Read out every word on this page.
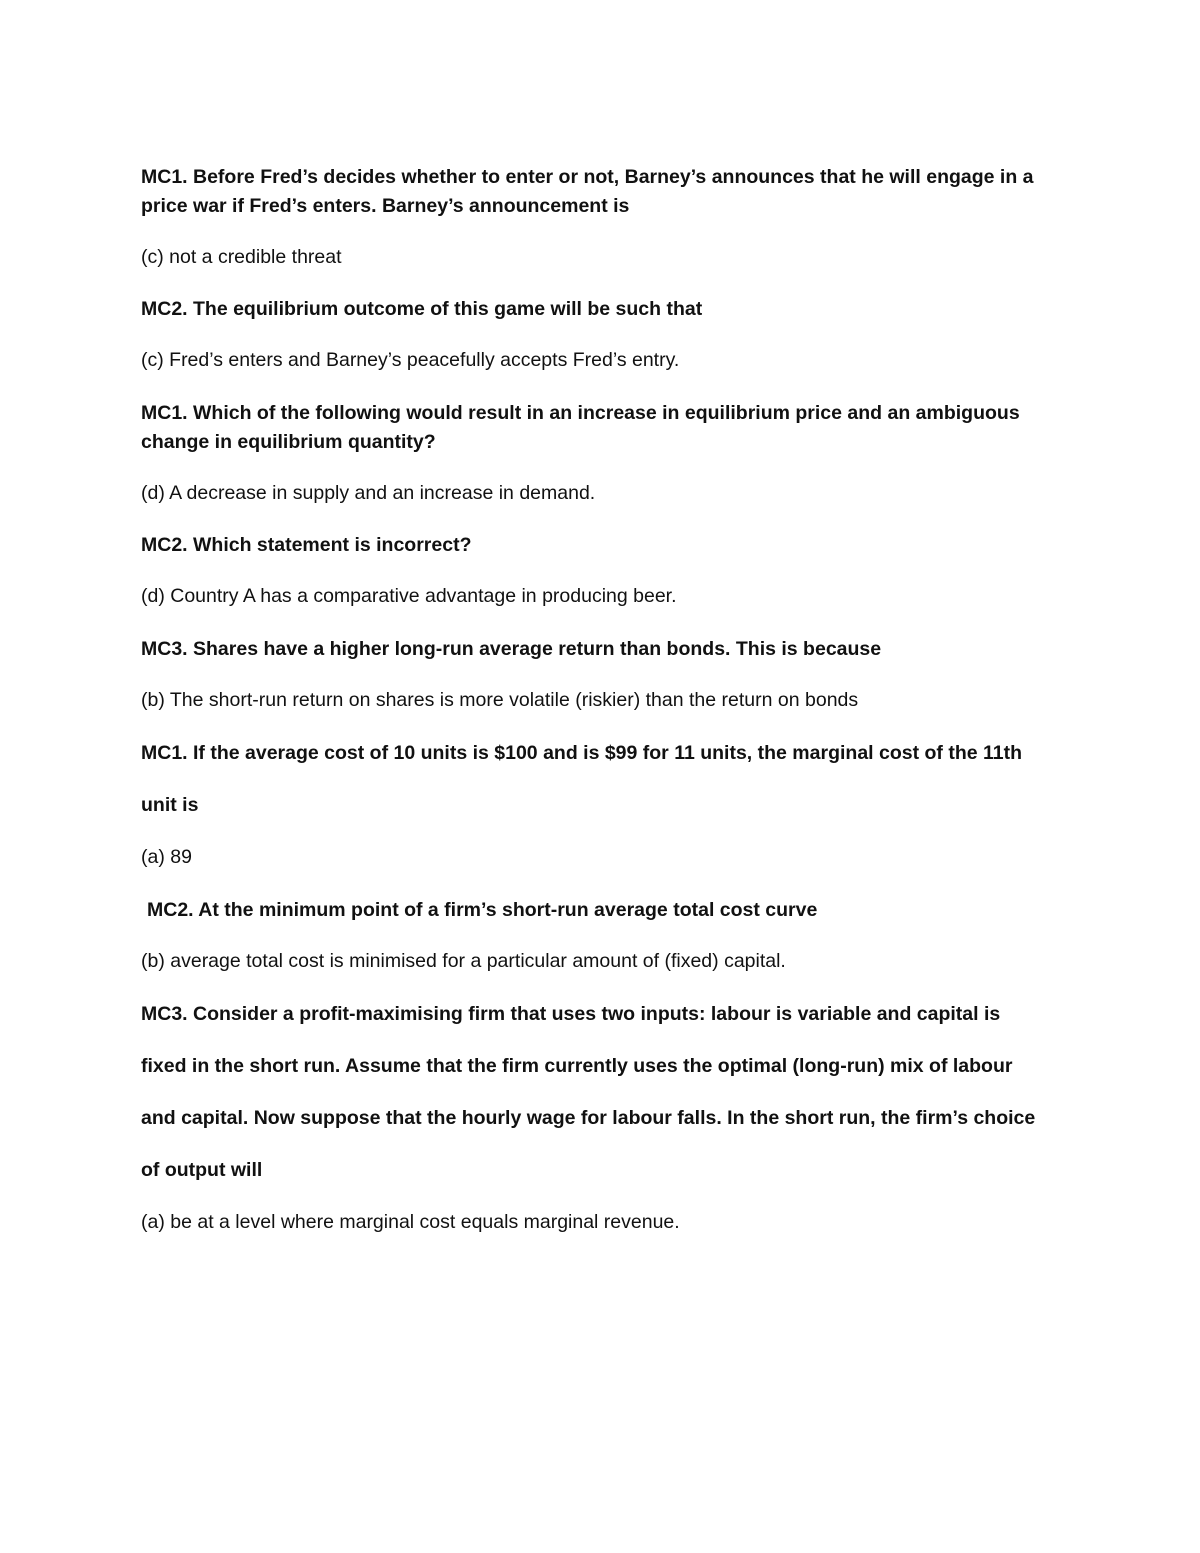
MC1. Before Fred’s decides whether to enter or not, Barney’s announces that he will engage in a price war if Fred’s enters. Barney’s announcement is

(c) not a credible threat

MC2. The equilibrium outcome of this game will be such that

(c) Fred’s enters and Barney’s peacefully accepts Fred’s entry.

MC1. Which of the following would result in an increase in equilibrium price and an ambiguous change in equilibrium quantity?

(d) A decrease in supply and an increase in demand.

MC2. Which statement is incorrect?

(d) Country A has a comparative advantage in producing beer.

MC3. Shares have a higher long-run average return than bonds. This is because

(b) The short-run return on shares is more volatile (riskier) than the return on bonds

MC1. If the average cost of 10 units is $100 and is $99 for 11 units, the marginal cost of the 11th unit is

(a) 89

MC2. At the minimum point of a firm’s short-run average total cost curve

(b) average total cost is minimised for a particular amount of (fixed) capital.

MC3. Consider a profit-maximising firm that uses two inputs: labour is variable and capital is fixed in the short run. Assume that the firm currently uses the optimal (long-run) mix of labour and capital. Now suppose that the hourly wage for labour falls. In the short run, the firm’s choice of output will

(a) be at a level where marginal cost equals marginal revenue.
